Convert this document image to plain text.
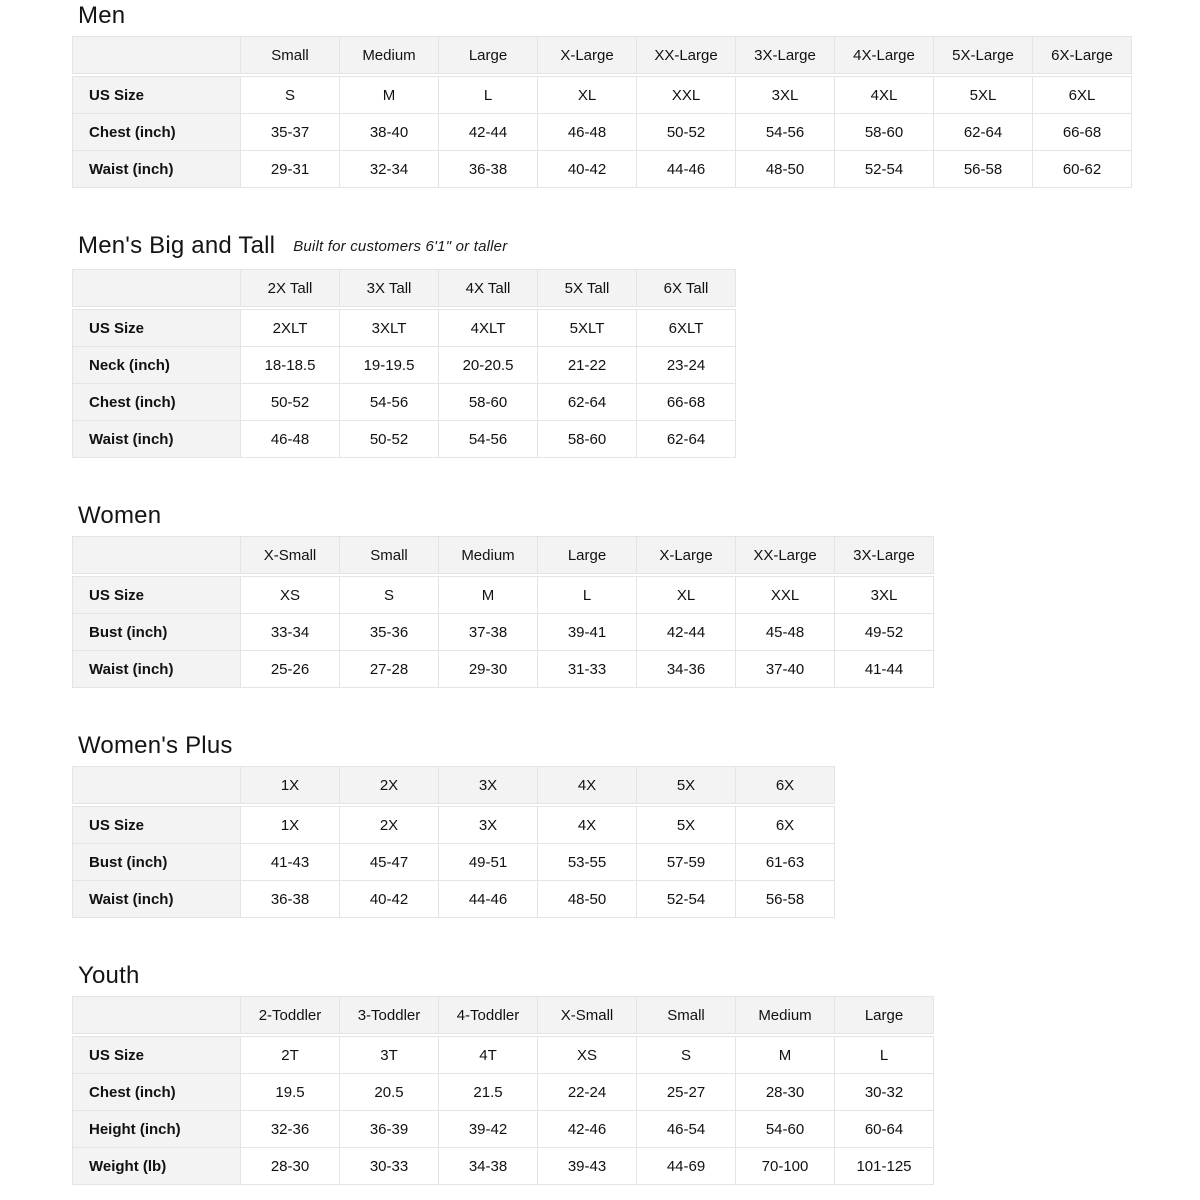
Men
	Small	Medium	Large	X-Large	XX-Large	3X-Large	4X-Large	5X-Large	6X-Large

US Size	S	M	L	XL	XXL	3XL	4XL	5XL	6XL
Chest (inch)	35-37	38-40	42-44	46-48	50-52	54-56	58-60	62-64	66-68
Waist (inch)	29-31	32-34	36-38	40-42	44-46	48-50	52-54	56-58	60-62
Men's Big and Tall Built for customers 6'1" or taller
	2X Tall	3X Tall	4X Tall	5X Tall	6X Tall

US Size	2XLT	3XLT	4XLT	5XLT	6XLT
Neck (inch)	18-18.5	19-19.5	20-20.5	21-22	23-24
Chest (inch)	50-52	54-56	58-60	62-64	66-68
Waist (inch)	46-48	50-52	54-56	58-60	62-64
Women
	X-Small	Small	Medium	Large	X-Large	XX-Large	3X-Large

US Size	XS	S	M	L	XL	XXL	3XL
Bust (inch)	33-34	35-36	37-38	39-41	42-44	45-48	49-52
Waist (inch)	25-26	27-28	29-30	31-33	34-36	37-40	41-44
Women's Plus
	1X	2X	3X	4X	5X	6X

US Size	1X	2X	3X	4X	5X	6X
Bust (inch)	41-43	45-47	49-51	53-55	57-59	61-63
Waist (inch)	36-38	40-42	44-46	48-50	52-54	56-58
Youth
	2-Toddler	3-Toddler	4-Toddler	X-Small	Small	Medium	Large

US Size	2T	3T	4T	XS	S	M	L
Chest (inch)	19.5	20.5	21.5	22-24	25-27	28-30	30-32
Height (inch)	32-36	36-39	39-42	42-46	46-54	54-60	60-64
Weight (lb)	28-30	30-33	34-38	39-43	44-69	70-100	101-125
